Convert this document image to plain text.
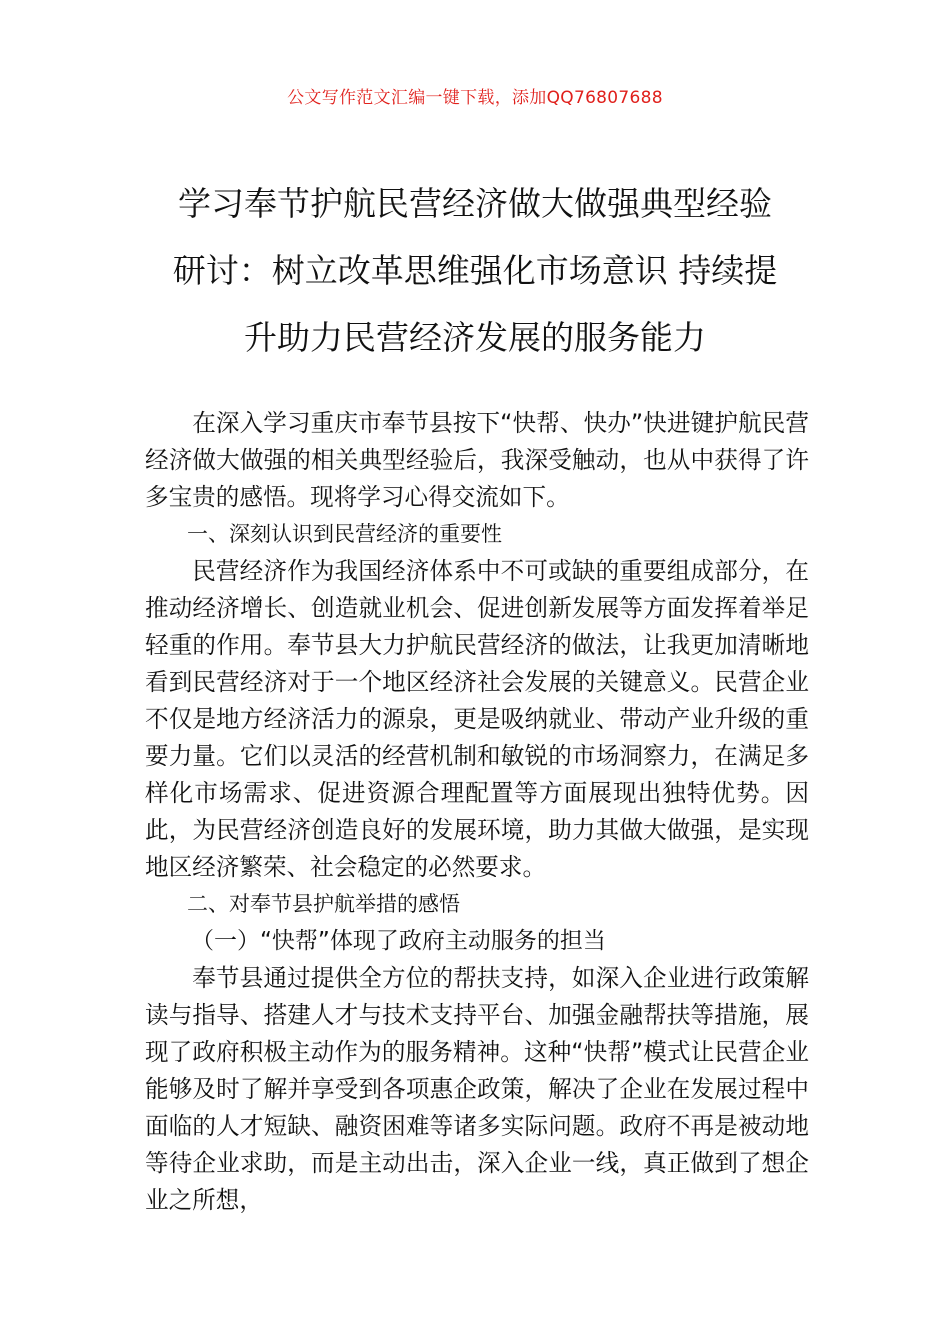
公文写作范文汇编一键下载，添加QQ76807688
学习奉节护航民营经济做大做强典型经验
研讨：树立改革思维强化市场意识 持续提
升助力民营经济发展的服务能力

在深入学习重庆市奉节县按下“快帮、快办”快进键护航民营经济做大做强的相关典型经验后，我深受触动，也从中获得了许多宝贵的感悟。现将学习心得交流如下。

一、深刻认识到民营经济的重要性

民营经济作为我国经济体系中不可或缺的重要组成部分，在推动经济增长、创造就业机会、促进创新发展等方面发挥着举足轻重的作用。奉节县大力护航民营经济的做法，让我更加清晰地看到民营经济对于一个地区经济社会发展的关键意义。民营企业不仅是地方经济活力的源泉，更是吸纳就业、带动产业升级的重要力量。它们以灵活的经营机制和敏锐的市场洞察力，在满足多样化市场需求、促进资源合理配置等方面展现出独特优势。因此，为民营经济创造良好的发展环境，助力其做大做强，是实现地区经济繁荣、社会稳定的必然要求。

二、对奉节县护航举措的感悟

（一）“快帮”体现了政府主动服务的担当

奉节县通过提供全方位的帮扶支持，如深入企业进行政策解读与指导、搭建人才与技术支持平台、加强金融帮扶等措施，展现了政府积极主动作为的服务精神。这种“快帮”模式让民营企业能够及时了解并享受到各项惠企政策，解决了企业在发展过程中面临的人才短缺、融资困难等诸多实际问题。政府不再是被动地等待企业求助，而是主动出击，深入企业一线，真正做到了想企业之所想，
